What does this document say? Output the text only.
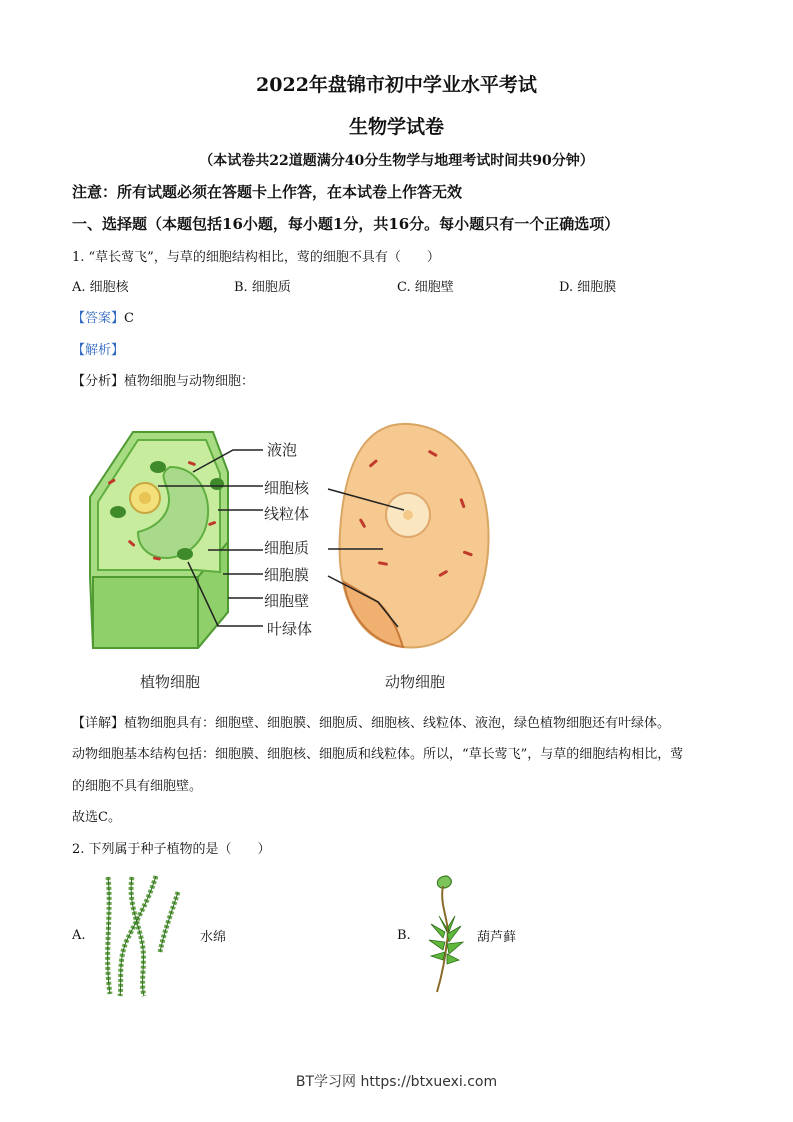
2022年盘锦市初中学业水平考试
生物学试卷
（本试卷共22道题满分40分生物学与地理考试时间共90分钟）
注意：所有试题必须在答题卡上作答，在本试卷上作答无效
一、选择题（本题包括16小题，每小题1分，共16分。每小题只有一个正确选项）
1. “草长莺飞”，与草的细胞结构相比，莺的细胞不具有（　　）
A. 细胞核	B. 细胞质	C. 细胞壁	D. 细胞膜
【答案】C
【解析】
【分析】植物细胞与动物细胞：
液泡
细胞核
线粒体
细胞质
细胞膜
细胞壁
叶绿体
植物细胞	动物细胞
【详解】植物细胞具有：细胞壁、细胞膜、细胞质、细胞核、线粒体、液泡，绿色植物细胞还有叶绿体。
动物细胞基本结构包括：细胞膜、细胞核、细胞质和线粒体。所以，“草长莺飞”，与草的细胞结构相比，莺
的细胞不具有细胞壁。
故选C。
2. 下列属于种子植物的是（　　）
A.	水绵	B.	葫芦藓
BT学习网 https://btxuexi.com
